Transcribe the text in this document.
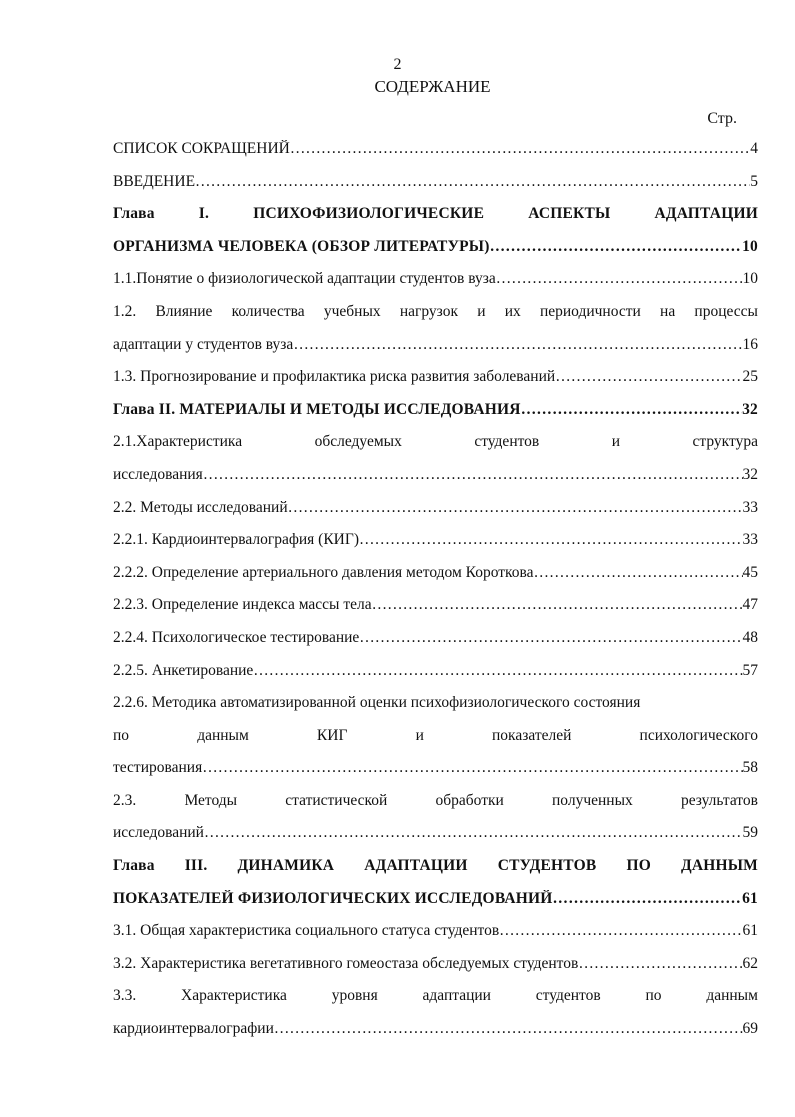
2
СОДЕРЖАНИЕ
Стр.
СПИСОК СОКРАЩЕНИЙ …………………………………………………………………………………………………………………………………………………………	4
ВВЕДЕНИЕ …………………………………………………………………………………………………………………………………………………………	5
Глава	I.	ПСИХОФИЗИОЛОГИЧЕСКИЕ	АСПЕКТЫ	АДАПТАЦИИ
ОРГАНИЗМА ЧЕЛОВЕКА (ОБЗОР ЛИТЕРАТУРЫ) …………………………………………………………………………………………………………………………………………………………	10
1.1.Понятие о физиологической адаптации студентов вуза …………………………………………………………………………………………………………………………………………………………	10
1.2. Влияние количества учебных нагрузок и их периодичности на процессы
адаптации у студентов вуза …………………………………………………………………………………………………………………………………………………………	16
1.3. Прогнозирование и профилактика риска развития заболеваний …………………………………………………………………………………………………………………………………………………………	25
Глава II. МАТЕРИАЛЫ И МЕТОДЫ ИССЛЕДОВАНИЯ …………………………………………………………………………………………………………………………………………………………	32
2.1.Характеристика	обследуемых	студентов	и	структура
исследования …………………………………………………………………………………………………………………………………………………………	32
2.2. Методы исследований …………………………………………………………………………………………………………………………………………………………	33
2.2.1. Кардиоинтервалография (КИГ) …………………………………………………………………………………………………………………………………………………………	33
2.2.2. Определение артериального давления методом Короткова …………………………………………………………………………………………………………………………………………………………	45
2.2.3. Определение индекса массы тела …………………………………………………………………………………………………………………………………………………………	47
2.2.4. Психологическое тестирование …………………………………………………………………………………………………………………………………………………………	48
2.2.5. Анкетирование …………………………………………………………………………………………………………………………………………………………	57
2.2.6. Методика автоматизированной оценки психофизиологического состояния
по	данным	КИГ	и	показателей	психологического
тестирования …………………………………………………………………………………………………………………………………………………………	58
2.3.	Методы	статистической	обработки	полученных	результатов
исследований …………………………………………………………………………………………………………………………………………………………	59
Глава III. ДИНАМИКА АДАПТАЦИИ СТУДЕНТОВ ПО ДАННЫМ
ПОКАЗАТЕЛЕЙ ФИЗИОЛОГИЧЕСКИХ ИССЛЕДОВАНИЙ …………………………………………………………………………………………………………………………………………………………	61
3.1. Общая характеристика социального статуса студентов …………………………………………………………………………………………………………………………………………………………	61
3.2. Характеристика вегетативного гомеостаза обследуемых студентов …………………………………………………………………………………………………………………………………………………………	62
3.3.	Характеристика	уровня	адаптации	студентов	по	данным
кардиоинтервалографии …………………………………………………………………………………………………………………………………………………………	69
